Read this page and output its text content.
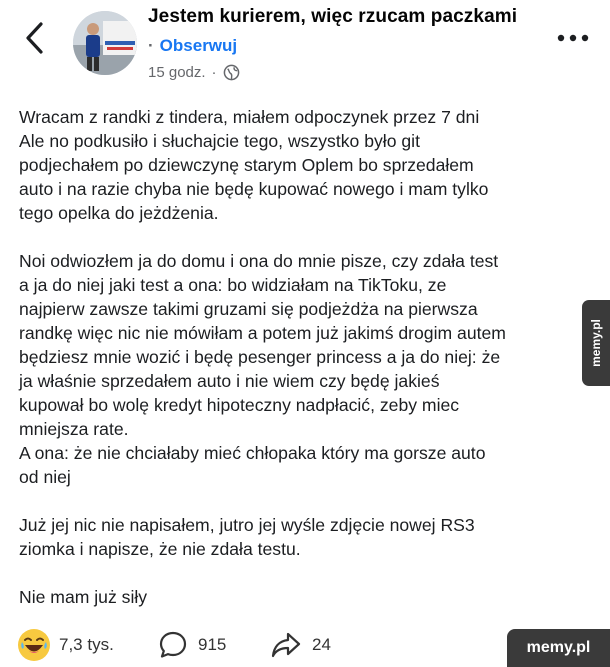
Jestem kurierem, więc rzucam paczkami
· Obserwuj
15 godz. ·

Wracam z randki z tindera, miałem odpoczynek przez 7 dni

Ale no podkusiło i słuchajcie tego, wszystko było git

podjechałem po dziewczynę starym Oplem bo sprzedałem

auto i na razie chyba nie będę kupować nowego i mam tylko

tego opelka do jeżdżenia.

Noi odwiozłem ja do domu i ona do mnie pisze, czy zdała test

a ja do niej jaki test a ona: bo widziałam na TikToku, ze

najpierw zawsze takimi gruzami się podjeżdża na pierwsza

randkę więc nic nie mówiłam a potem już jakimś drogim autem

będziesz mnie wozić i będę pesenger princess a ja do niej: że

ja właśnie sprzedałem auto i nie wiem czy będę jakieś

kupował bo wolę kredyt hipoteczny nadpłacić, zeby miec

mniejsza rate.

A ona: że nie chciałaby mieć chłopaka który ma gorsze auto

od niej

Już jej nic nie napisałem, jutro jej wyśle zdjęcie nowej RS3

ziomka i napisze, że nie zdała testu.

Nie mam już siły

memy.pl
7,3 tys.	915	24	memy.pl
